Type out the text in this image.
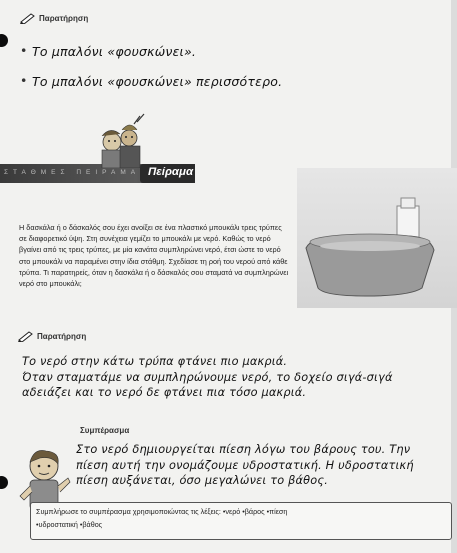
Παρατήρηση
• Το μπαλόνι «φουσκώνει».
• Το μπαλόνι «φουσκώνει» περισσότερο.
ΣΤΑΘΜΕΣ ΠΕΙΡΑΜΑ Πείραμα
Η δασκάλα ή ο δάσκαλός σου έχει ανοίξει σε ένα πλαστικό μπουκάλι τρεις τρύπες σε διαφορετικό ύψη. Στη συνέχεια γεμίζει το μπουκάλι με νερό. Καθώς το νερό βγαίνει από τις τρεις τρύπες, με μία κανάτα συμπληρώνει νερό, έτσι ώστε το νερό στο μπουκάλι να παραμένει στην ίδια στάθμη. Σχεδίασε τη ροή του νερού από κάθε τρύπα. Τι παρατηρείς, όταν η δασκάλα ή ο δάσκαλός σου σταματά να συμπληρώνει νερό στο μπουκάλι;
Παρατήρηση
Το νερό στην κάτω τρύπα φτάνει πιο μακριά.
Όταν σταματάμε να συμπληρώνουμε νερό, το δοχείο σιγά-σιγά
αδειάζει και το νερό δε φτάνει πια τόσο μακριά.
Συμπέρασμα
Στο νερό δημιουργείται πίεση λόγω του βάρους του. Την
πίεση αυτή την ονομάζουμε υδροστατική. Η υδροστατική
πίεση αυξάνεται, όσο μεγαλώνει το βάθος.
Συμπλήρωσε το συμπέρασμα χρησιμοποιώντας τις λέξεις: •νερό •βάρος •πίεση
•υδροστατική •βάθος
